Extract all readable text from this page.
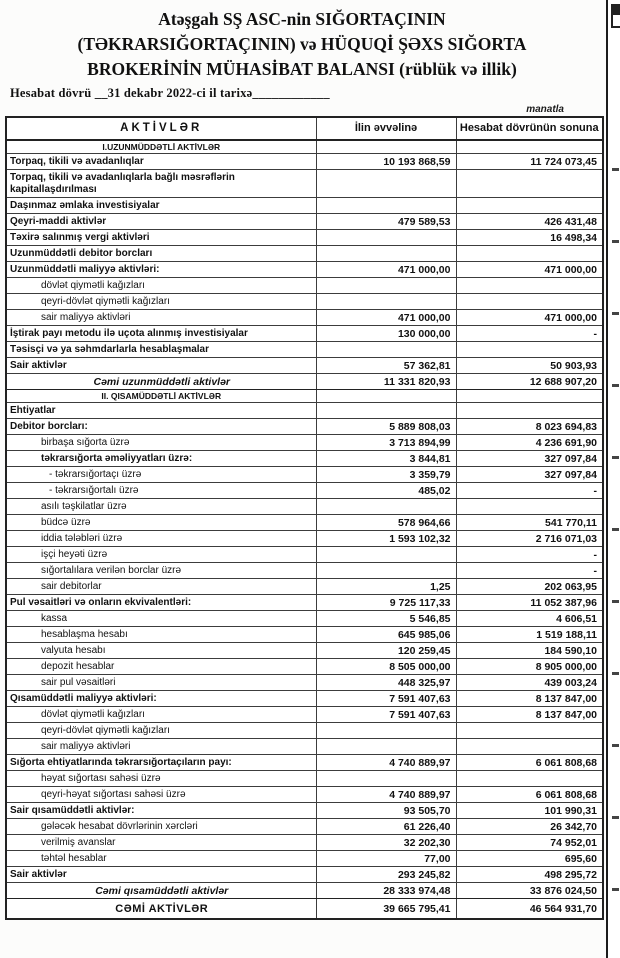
Atəşgah SŞ ASC-nin SIĞORTAÇININ
(TƏKRARSIĞORTAÇININ) və HÜQUQİ ŞƏXS SIĞORTA
BROKERİNİN MÜHASİBAT BALANSI (rüblük və illik)
Hesabat dövrü __31 dekabr 2022-ci il tarixə____________
manatla
AKTİVLƏR	İlin əvvəlinə	Hesabat dövrünün sonuna
I.UZUNMÜDDƏTLİ AKTİVLƏR		
Torpaq, tikili və avadanlıqlar	10 193 868,59	11 724 073,45
Torpaq, tikili və avadanlıqlarla bağlı məsrəflərin kapitallaşdırılması		
Daşınmaz əmlaka investisiyalar		
Qeyri-maddi aktivlər	479 589,53	426 431,48
Təxirə salınmış vergi aktivləri		16 498,34
Uzunmüddətli debitor borcları		
Uzunmüddətli maliyyə aktivləri:	471 000,00	471 000,00
dövlət qiymətli kağızları		
qeyri-dövlət qiymətli kağızları		
sair maliyyə aktivləri	471 000,00	471 000,00
İştirak payı metodu ilə uçota alınmış investisiyalar	130 000,00	-
Təsisçi və ya səhmdarlarla hesablaşmalar		
Sair aktivlər	57 362,81	50 903,93
Cəmi uzunmüddətli aktivlər	11 331 820,93	12 688 907,20
II. QISAMÜDDƏTLİ AKTİVLƏR		
Ehtiyatlar		
Debitor borcları:	5 889 808,03	8 023 694,83
birbaşa sığorta üzrə	3 713 894,99	4 236 691,90
təkrarsığorta əməliyyatları üzrə:	3 844,81	327 097,84
- təkrarsığortaçı üzrə	3 359,79	327 097,84
- təkrarsığortalı üzrə	485,02	-
asılı təşkilatlar üzrə		
büdcə üzrə	578 964,66	541 770,11
iddia tələbləri üzrə	1 593 102,32	2 716 071,03
işçi heyəti üzrə		-
sığortalılara verilən borclar üzrə		-
sair debitorlar	1,25	202 063,95
Pul vəsaitləri və onların ekvivalentləri:	9 725 117,33	11 052 387,96
kassa	5 546,85	4 606,51
hesablaşma hesabı	645 985,06	1 519 188,11
valyuta hesabı	120 259,45	184 590,10
depozit hesablar	8 505 000,00	8 905 000,00
sair pul vəsaitləri	448 325,97	439 003,24
Qısamüddətli maliyyə aktivləri:	7 591 407,63	8 137 847,00
dövlət qiymətli kağızları	7 591 407,63	8 137 847,00
qeyri-dövlət qiymətli kağızları		
sair maliyyə aktivləri		
Sığorta ehtiyatlarında təkrarsığortaçıların payı:	4 740 889,97	6 061 808,68
həyat sığortası sahəsi üzrə		
qeyri-həyat sığortası sahəsi üzrə	4 740 889,97	6 061 808,68
Sair qısamüddətli aktivlər:	93 505,70	101 990,31
gələcək hesabat dövrlərinin xərcləri	61 226,40	26 342,70
verilmiş avanslar	32 202,30	74 952,01
təhtəl hesablar	77,00	695,60
Sair aktivlər	293 245,82	498 295,72
Cəmi qısamüddətli aktivlər	28 333 974,48	33 876 024,50
CƏMİ AKTİVLƏR	39 665 795,41	46 564 931,70
